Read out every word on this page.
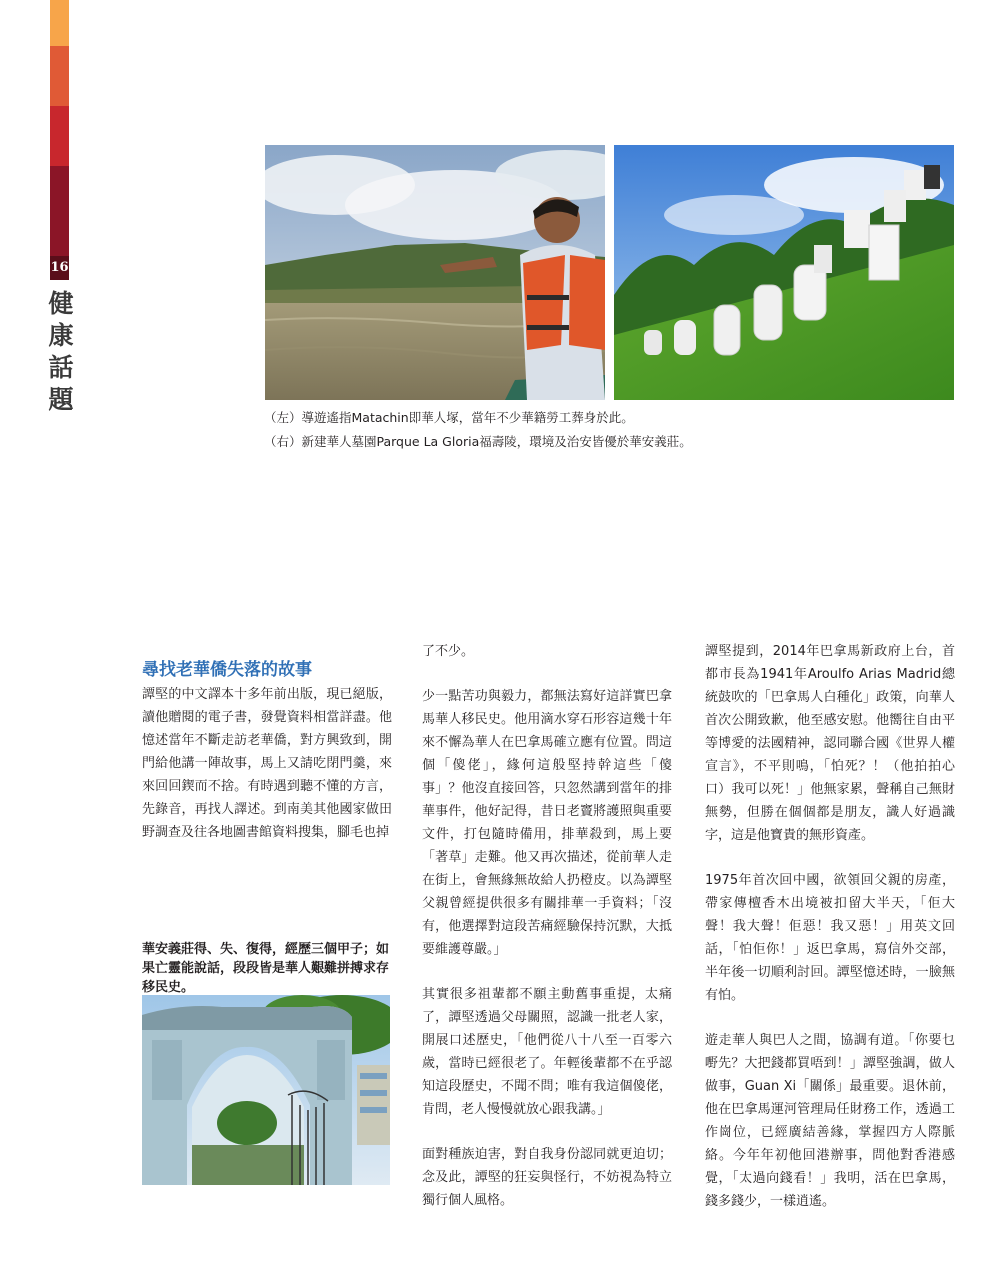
16
健
康
話
題
（左）導遊遙指Matachin即華人塚，當年不少華籍勞工葬身於此。
（右）新建華人墓園Parque La Gloria福壽陵，環境及治安皆優於華安義莊。
尋找老華僑失落的故事

譚堅的中文譯本十多年前出版，現已絕版，讀他贈閱的電子書，發覺資料相當詳盡。他憶述當年不斷走訪老華僑，對方興致到，開門給他講一陣故事，馬上又請吃閉門羹，來來回回鍥而不捨。有時遇到聽不懂的方言，先錄音，再找人譯述。到南美其他國家做田野調查及往各地圖書館資料搜集，腳毛也掉

華安義莊得、失、復得，經歷三個甲子；如果亡靈能說話，段段皆是華人艱難拼搏求存移民史。

了不少。

少一點苦功與毅力，都無法寫好這詳實巴拿馬華人移民史。他用滴水穿石形容這幾十年來不懈為華人在巴拿馬確立應有位置。問這個「傻佬」，緣何這般堅持幹這些「傻事」？他沒直接回答，只忽然講到當年的排華事件，他好記得，昔日老竇將護照與重要文件，打包隨時備用，排華殺到，馬上要「著草」走難。他又再次描述，從前華人走在街上，會無緣無故給人扔橙皮。以為譚堅父親曾經提供很多有關排華一手資料；「沒有，他選擇對這段苦痛經驗保持沉默，大抵要維護尊嚴。」

其實很多祖輩都不願主動舊事重提，太痛了，譚堅透過父母關照，認識一批老人家，開展口述歷史，「他們從八十八至一百零六歲，當時已經很老了。年輕後輩都不在乎認知這段歷史，不聞不問；唯有我這個傻佬，肯問，老人慢慢就放心跟我講。」

面對種族迫害，對自我身份認同就更迫切；念及此，譚堅的狂妄與怪行，不妨視為特立獨行個人風格。

譚堅提到，2014年巴拿馬新政府上台，首都市長為1941年Aroulfo Arias Madrid總統鼓吹的「巴拿馬人白種化」政策，向華人首次公開致歉，他至感安慰。他嚮往自由平等博愛的法國精神，認同聯合國《世界人權宣言》，不平則鳴，「怕死？！（他拍拍心口）我可以死！」他無家累，聲稱自己無財無勢，但勝在個個都是朋友，識人好過識字，這是他寶貴的無形資產。

1975年首次回中國，欲領回父親的房產，帶家傳檀香木出境被扣留大半天，「佢大聲！我大聲！佢惡！我又惡！」用英文回話，「怕佢你！」返巴拿馬，寫信外交部，半年後一切順利討回。譚堅憶述時，一臉無有怕。

遊走華人與巴人之間，協調有道。「你要乜嘢先？大把錢都買唔到！」譚堅強調，做人做事，Guan Xi「關係」最重要。退休前，他在巴拿馬運河管理局任財務工作，透過工作崗位，已經廣結善緣，掌握四方人際脈絡。今年年初他回港辦事，問他對香港感覺，「太過向錢看！」我明，活在巴拿馬，錢多錢少，一樣逍遙。
